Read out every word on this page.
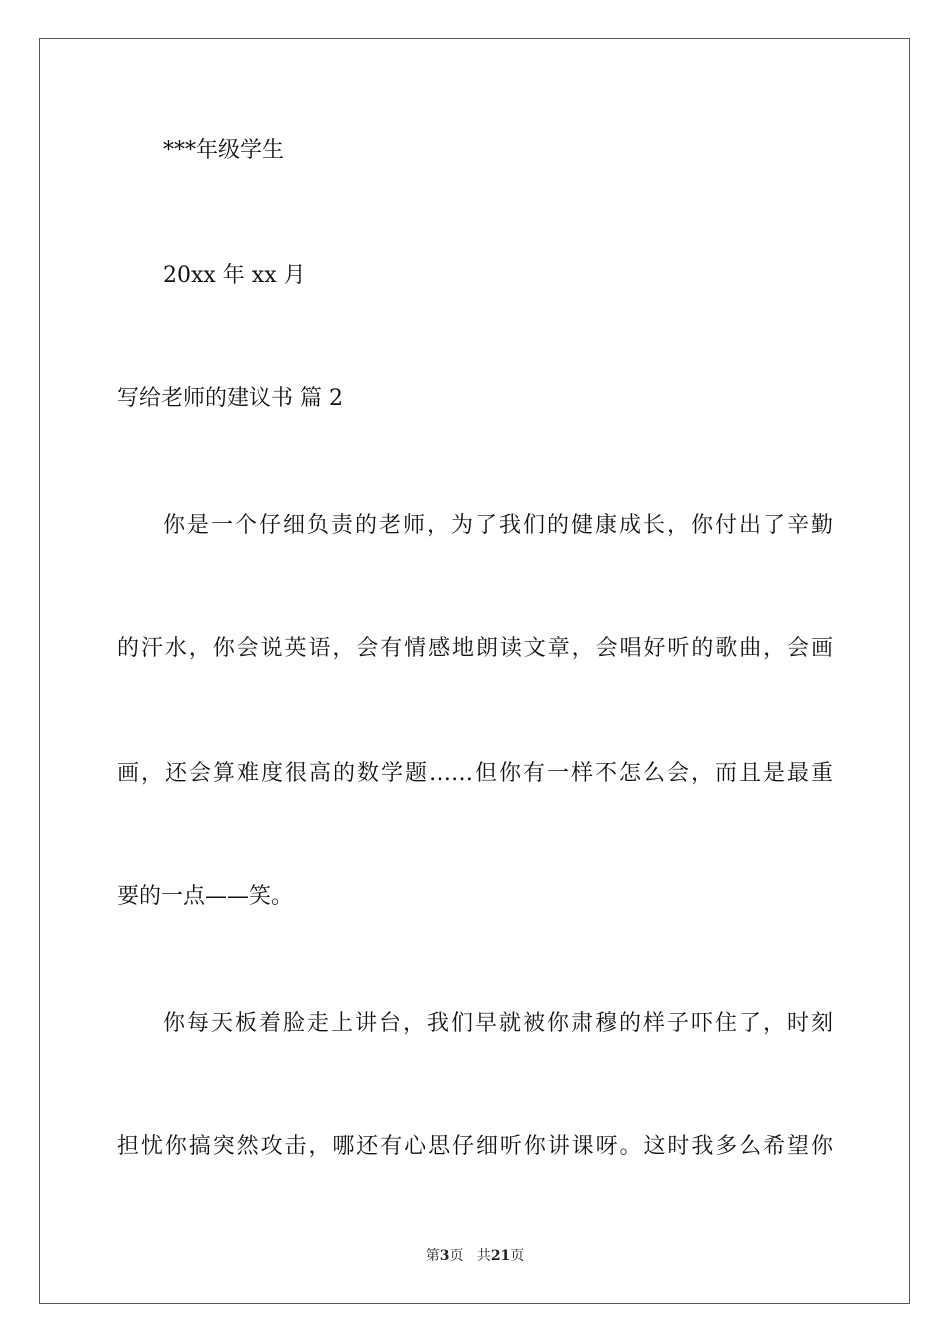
***年级学生
20xx 年 xx 月
写给老师的建议书 篇 2
你是一个仔细负责的老师，为了我们的健康成长，你付出了辛勤
的汗水，你会说英语，会有情感地朗读文章，会唱好听的歌曲，会画
画，还会算难度很高的数学题……但你有一样不怎么会，而且是最重
要的一点——笑。
你每天板着脸走上讲台，我们早就被你肃穆的样子吓住了，时刻
担忧你搞突然攻击，哪还有心思仔细听你讲课呀。这时我多么希望你
第3页 共21页
